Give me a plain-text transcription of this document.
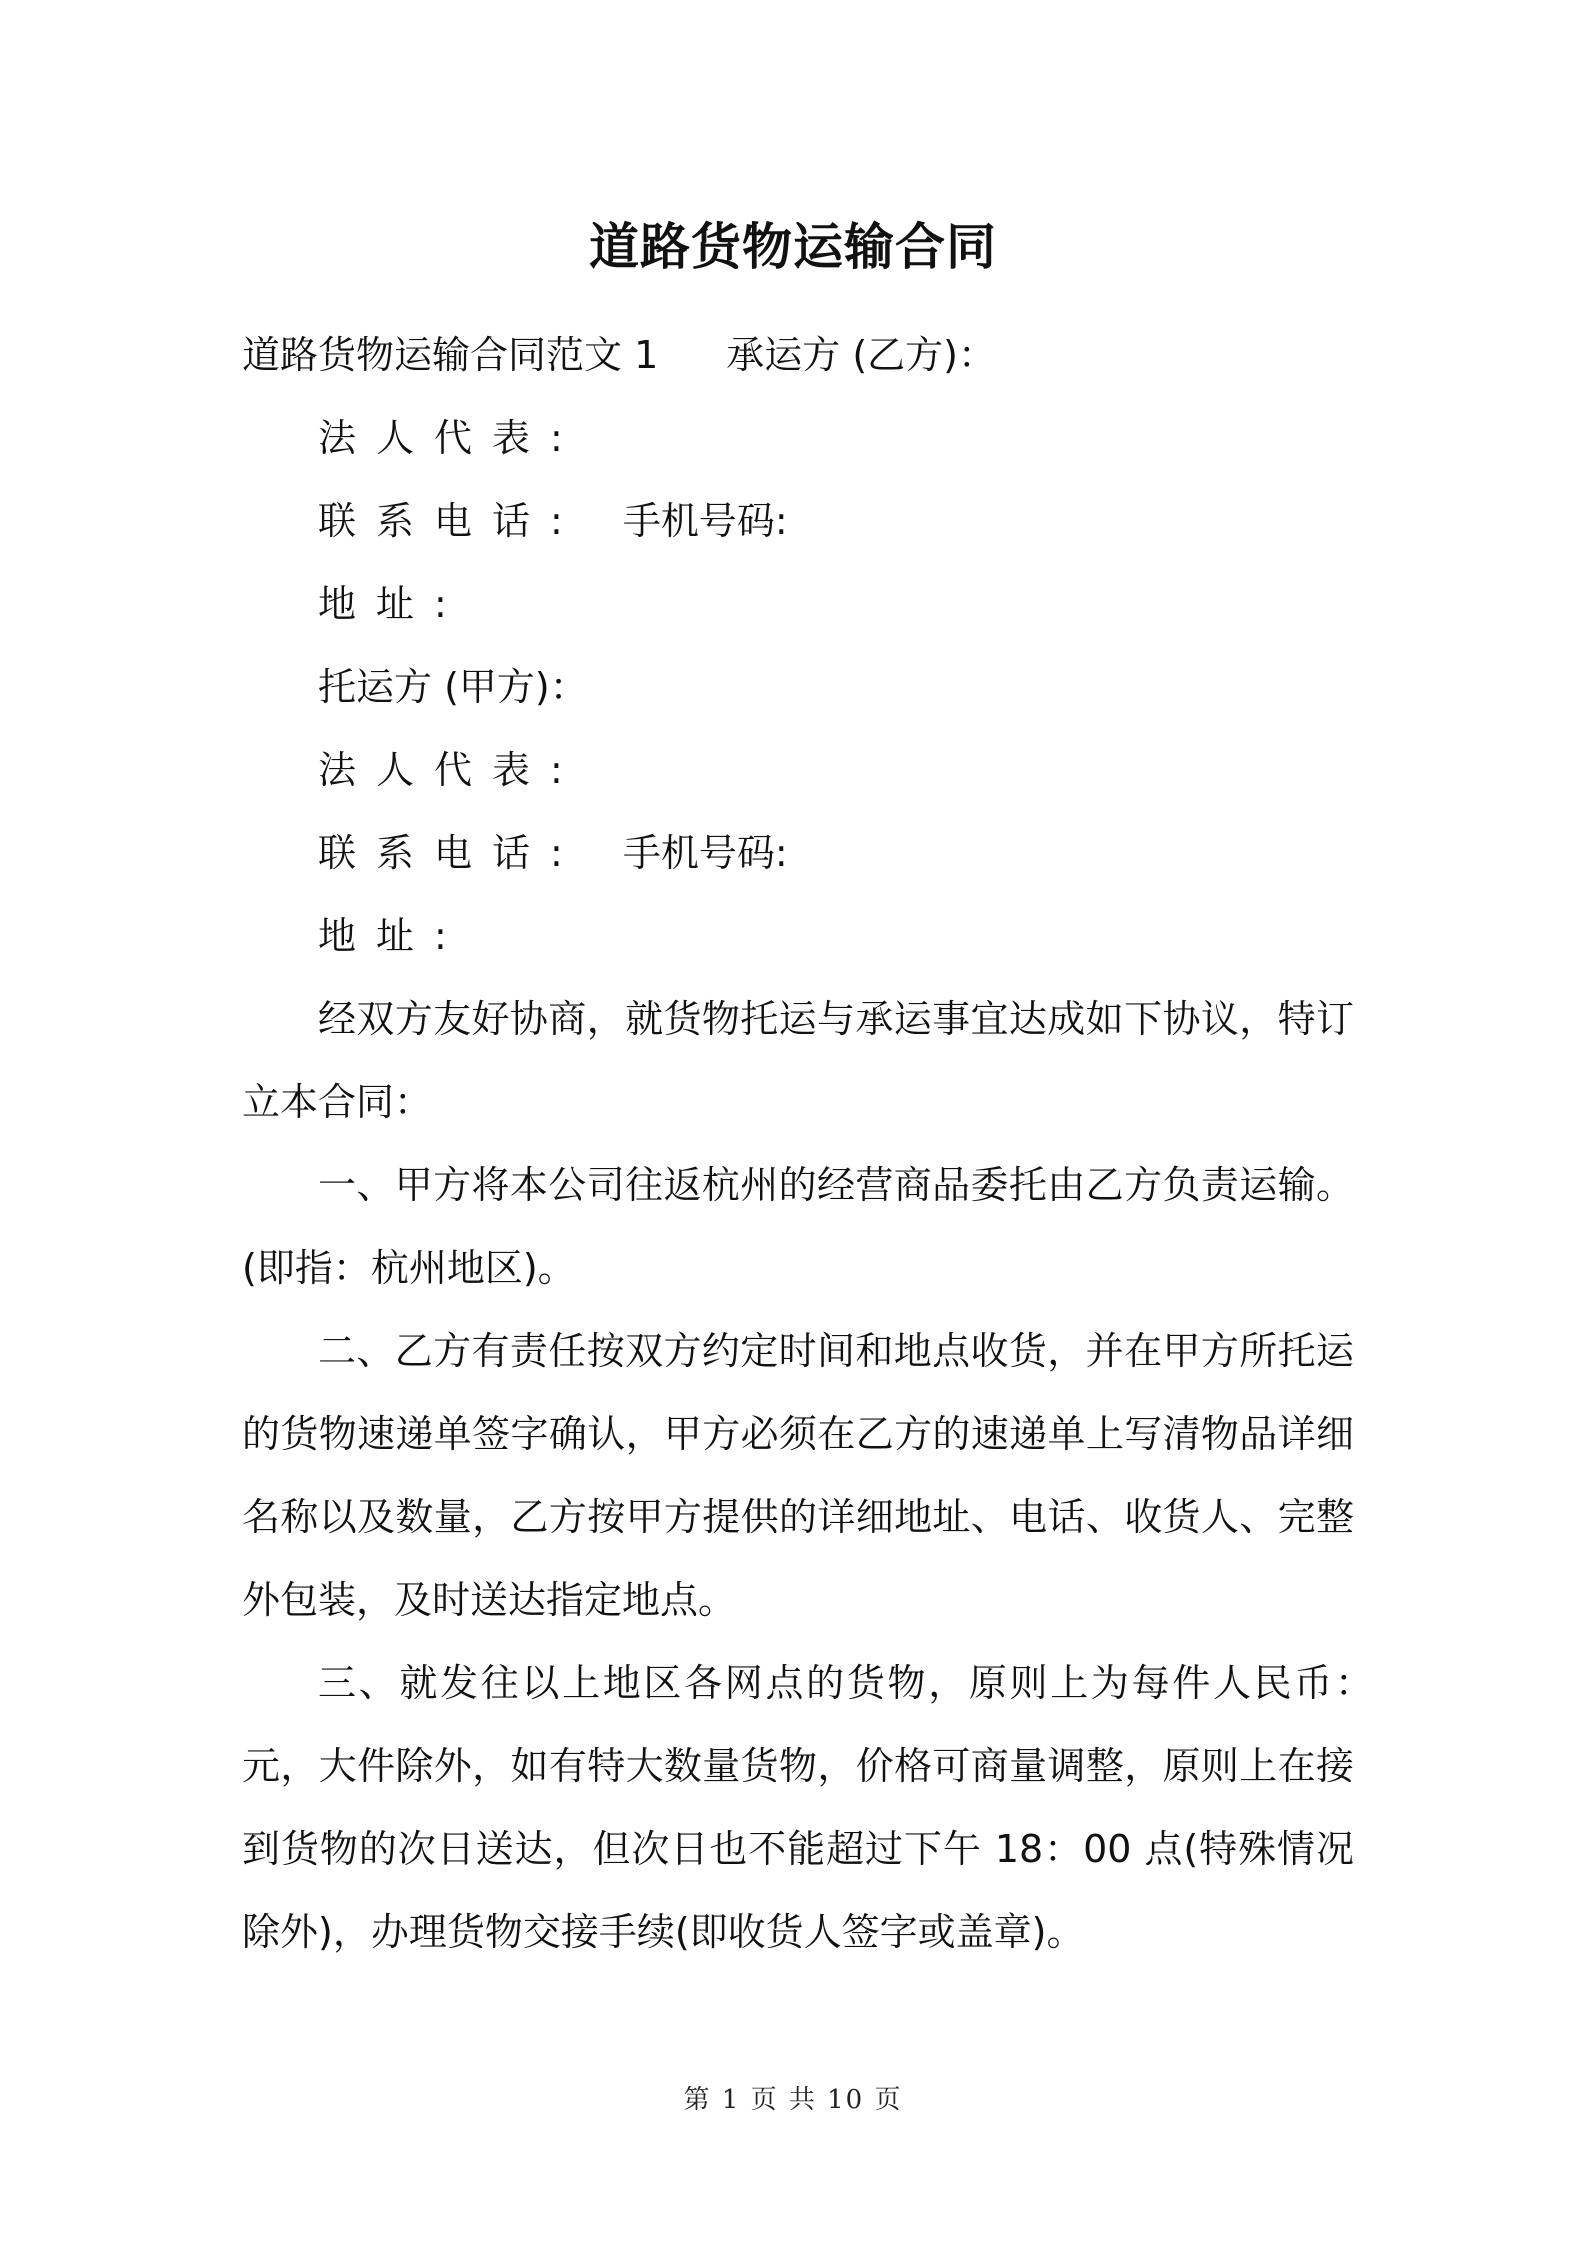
道路货物运输合同
道路货物运输合同范文 1 承运方 (乙方)：
法人代表:
联系电话: 手机号码:
地址:
托运方 (甲方)：
法人代表:
联系电话: 手机号码:
地址:

经双方友好协商，就货物托运与承运事宜达成如下协议，特订立本合同：

一、甲方将本公司往返杭州的经营商品委托由乙方负责运输。(即指：杭州地区)。

二、乙方有责任按双方约定时间和地点收货，并在甲方所托运的货物速递单签字确认，甲方必须在乙方的速递单上写清物品详细名称以及数量，乙方按甲方提供的详细地址、电话、收货人、完整外包装，及时送达指定地点。

三、就发往以上地区各网点的货物，原则上为每件人民币：　元，大件除外，如有特大数量货物，价格可商量调整，原则上在接到货物的次日送达，但次日也不能超过下午 18：00 点(特殊情况除外)，办理货物交接手续(即收货人签字或盖章)。

第 1 页 共 10 页
